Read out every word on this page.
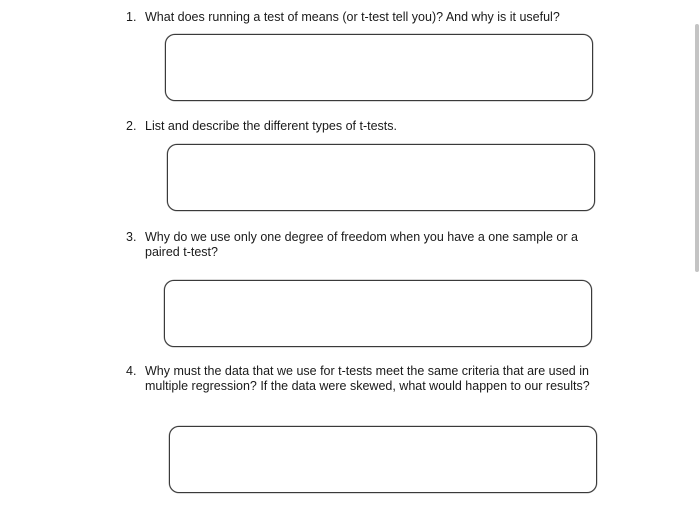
1. What does running a test of means (or t-test tell you)? And why is it useful?
2. List and describe the different types of t-tests.
3. Why do we use only one degree of freedom when you have a one sample or a paired t-test?
4. Why must the data that we use for t-tests meet the same criteria that are used in multiple regression? If the data were skewed, what would happen to our results?
